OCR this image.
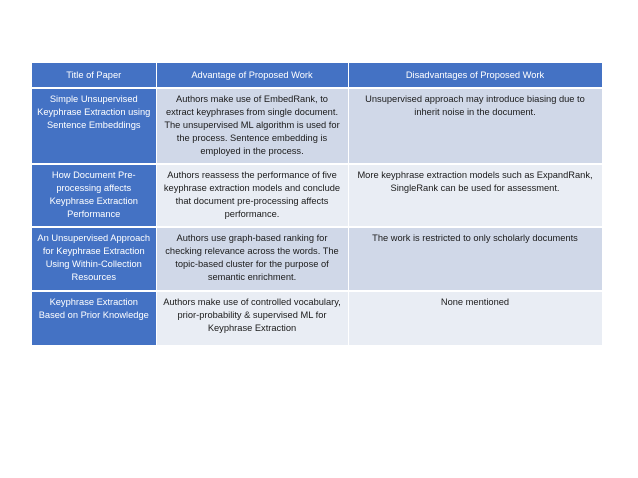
Title of Paper	Advantage of Proposed Work	Disadvantages of Proposed Work
Simple Unsupervised Keyphrase Extraction using Sentence Embeddings	Authors make use of EmbedRank, to extract keyphrases from single document. The unsupervised ML algorithm is used for the process. Sentence embedding is employed in the process.	Unsupervised approach may introduce biasing due to inherit noise in the document.
How Document Pre-processing affects Keyphrase Extraction Performance	Authors reassess the performance of five keyphrase extraction models and conclude that document pre-processing affects       performance.	More keyphrase extraction models such as ExpandRank, SingleRank can be used for assessment.
An Unsupervised Approach for Keyphrase Extraction Using Within-Collection Resources	Authors use graph-based ranking for checking relevance across the words. The topic-based cluster for the purpose of semantic enrichment.	The work is restricted to only scholarly documents
Keyphrase Extraction Based on Prior Knowledge	Authors make use of controlled vocabulary, prior-probability & supervised ML for Keyphrase Extraction	None mentioned
